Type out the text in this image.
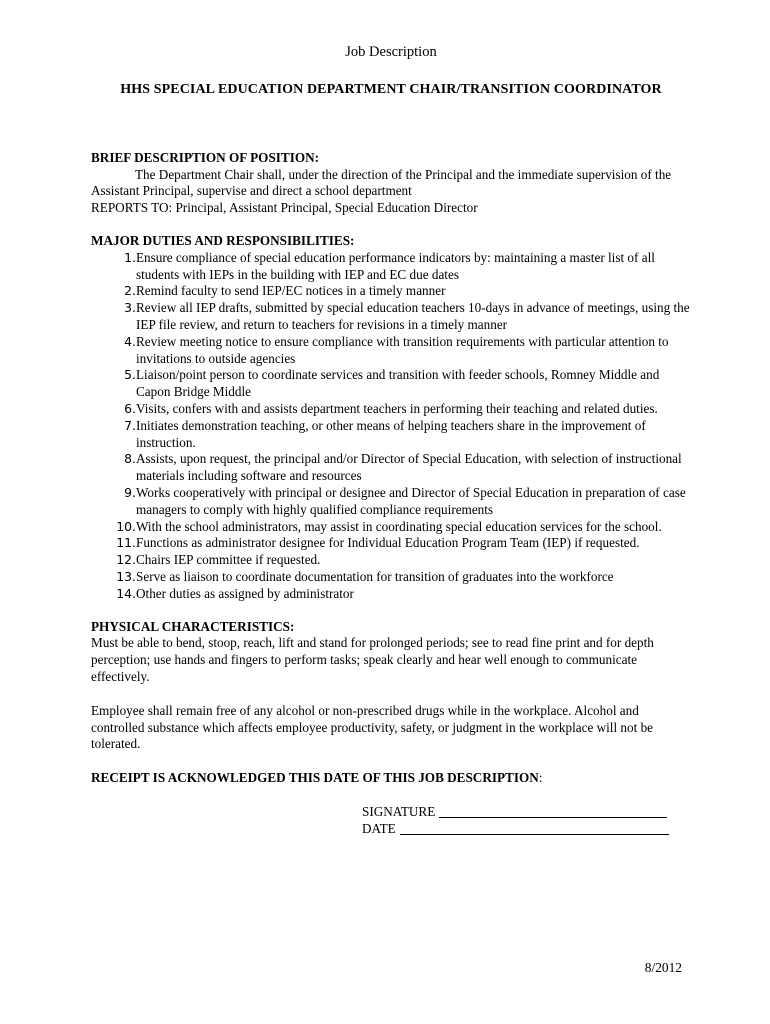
Job Description
HHS SPECIAL EDUCATION DEPARTMENT CHAIR/TRANSITION COORDINATOR
BRIEF DESCRIPTION OF POSITION:

The Department Chair shall, under the direction of the Principal and the immediate supervision of the Assistant Principal, supervise and direct a school department

REPORTS TO: Principal, Assistant Principal, Special Education Director

MAJOR DUTIES AND RESPONSIBILITIES:
1. Ensure compliance of special education performance indicators by: maintaining a master list of all students with IEPs in the building with IEP and EC due dates
2. Remind faculty to send IEP/EC notices in a timely manner
3. Review all IEP drafts, submitted by special education teachers 10-days in advance of meetings, using the IEP file review, and return to teachers for revisions in a timely manner
4. Review meeting notice to ensure compliance with transition requirements with particular attention to invitations to outside agencies
5. Liaison/point person to coordinate services and transition with feeder schools, Romney Middle and Capon Bridge Middle
6. Visits, confers with and assists department teachers in performing their teaching and related duties.
7. Initiates demonstration teaching, or other means of helping teachers share in the improvement of instruction.
8. Assists, upon request, the principal and/or Director of Special Education, with selection of instructional materials including software and resources
9. Works cooperatively with principal or designee and Director of Special Education in preparation of case managers to comply with highly qualified compliance requirements
10. With the school administrators, may assist in coordinating special education services for the school.
11. Functions as administrator designee for Individual Education Program Team (IEP) if requested.
12. Chairs IEP committee if requested.
13. Serve as liaison to coordinate documentation for transition of graduates into the workforce
14. Other duties as assigned by administrator
PHYSICAL CHARACTERISTICS:

Must be able to bend, stoop, reach, lift and stand for prolonged periods; see to read fine print and for depth perception; use hands and fingers to perform tasks; speak clearly and hear well enough to communicate effectively.

Employee shall remain free of any alcohol or non-prescribed drugs while in the workplace. Alcohol and controlled substance which affects employee productivity, safety, or judgment in the workplace will not be tolerated.

RECEIPT IS ACKNOWLEDGED THIS DATE OF THIS JOB DESCRIPTION:

SIGNATURE
DATE
8/2012
